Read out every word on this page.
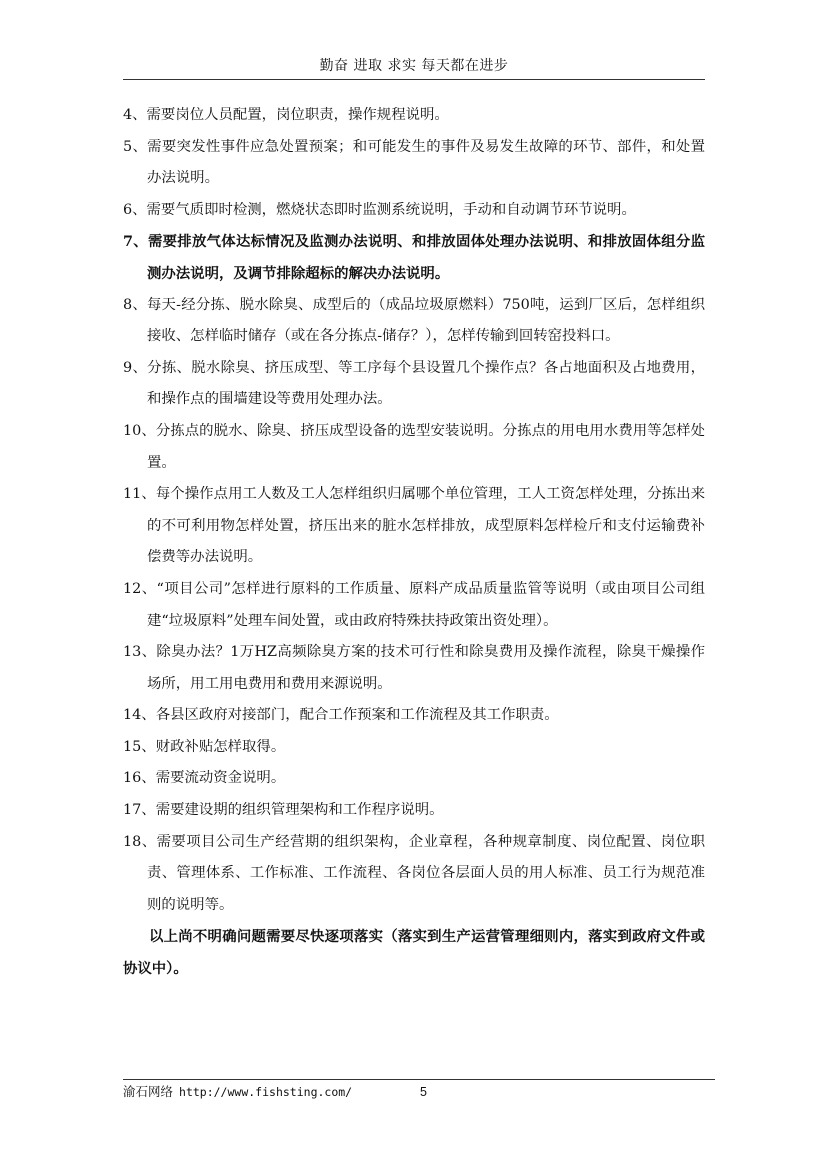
勤奋 进取 求实 每天都在进步

4、需要岗位人员配置，岗位职责，操作规程说明。

5、需要突发性事件应急处置预案；和可能发生的事件及易发生故障的环节、部件，和处置办法说明。

6、需要气质即时检测，燃烧状态即时监测系统说明，手动和自动调节环节说明。

7、需要排放气体达标情况及监测办法说明、和排放固体处理办法说明、和排放固体组分监测办法说明，及调节排除超标的解决办法说明。

8、每天-经分拣、脱水除臭、成型后的（成品垃圾原燃料）750吨，运到厂区后，怎样组织接收、怎样临时储存（或在各分拣点-储存？），怎样传输到回转窑投料口。

9、分拣、脱水除臭、挤压成型、等工序每个县设置几个操作点？各占地面积及占地费用，和操作点的围墙建设等费用处理办法。

10、分拣点的脱水、除臭、挤压成型设备的选型安装说明。分拣点的用电用水费用等怎样处置。

11、每个操作点用工人数及工人怎样组织归属哪个单位管理，工人工资怎样处理，分拣出来的不可利用物怎样处置，挤压出来的脏水怎样排放，成型原料怎样检斤和支付运输费补偿费等办法说明。

12、“项目公司”怎样进行原料的工作质量、原料产成品质量监管等说明（或由项目公司组建“垃圾原料”处理车间处置，或由政府特殊扶持政策出资处理）。

13、除臭办法？1万HZ高频除臭方案的技术可行性和除臭费用及操作流程，除臭干燥操作场所，用工用电费用和费用来源说明。

14、各县区政府对接部门，配合工作预案和工作流程及其工作职责。

15、财政补贴怎样取得。

16、需要流动资金说明。

17、需要建设期的组织管理架构和工作程序说明。

18、需要项目公司生产经营期的组织架构，企业章程，各种规章制度、岗位配置、岗位职责、管理体系、工作标准、工作流程、各岗位各层面人员的用人标准、员工行为规范准则的说明等。

以上尚不明确问题需要尽快逐项落实（落实到生产运营管理细则内，落实到政府文件或协议中）。

渝石网络 http://www.fishsting.com/	5
